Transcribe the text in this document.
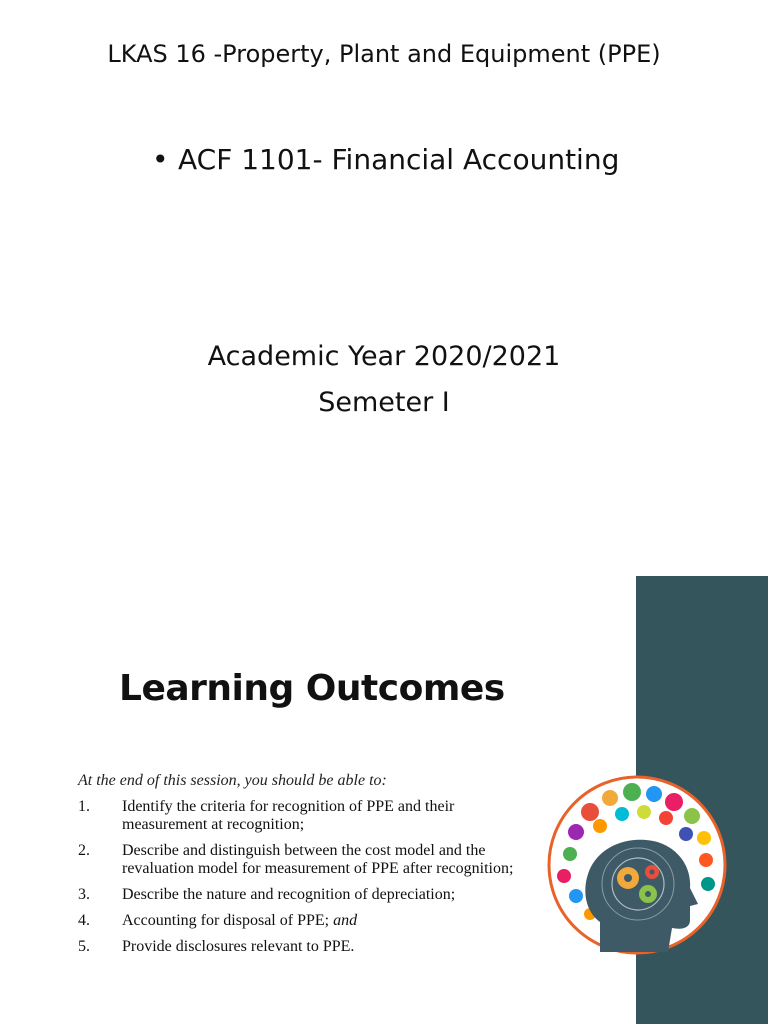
LKAS 16 -Property, Plant and Equipment (PPE)
• ACF 1101- Financial Accounting
Academic Year 2020/2021
Semeter I
Learning Outcomes
At the end of this session, you should be able to:
1.	Identify the criteria for recognition of PPE and their measurement at recognition;
2.	Describe and distinguish between the cost model and the revaluation model for measurement of PPE after recognition;
3.	Describe the nature and recognition of depreciation;
4.	Accounting for disposal of PPE; and
5.	Provide disclosures relevant to PPE.
